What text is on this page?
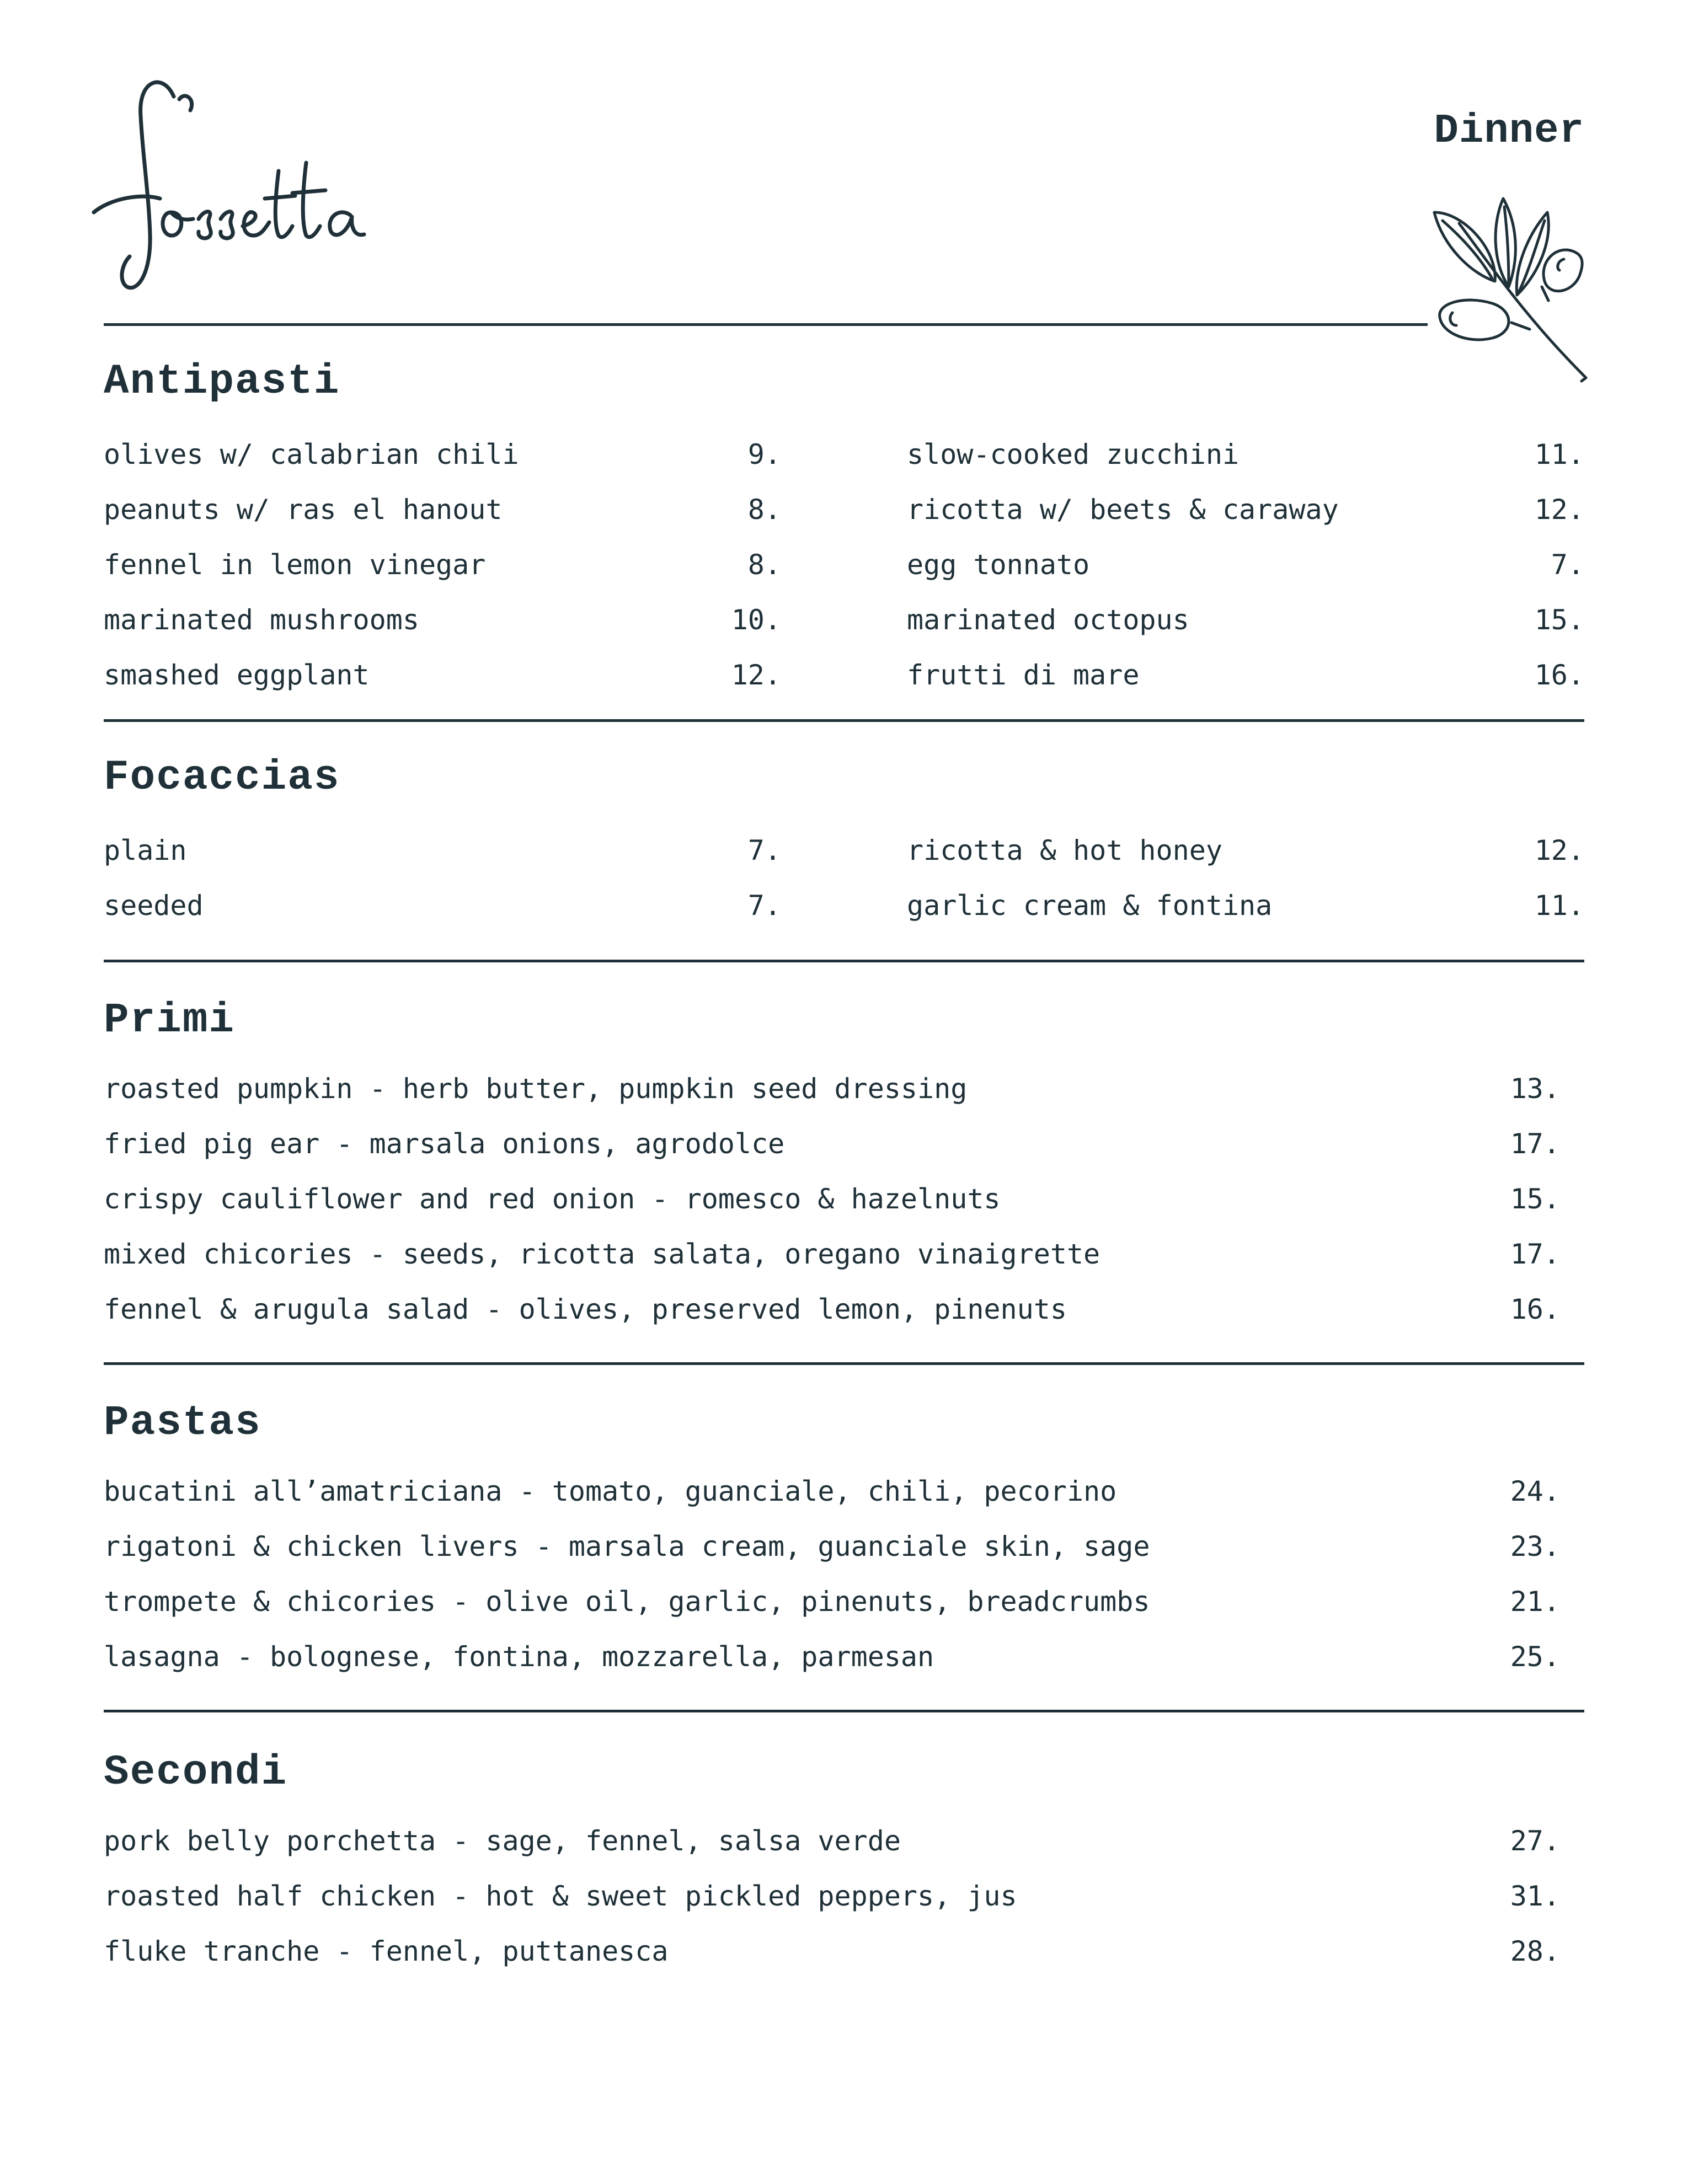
Dinner
Antipasti
olives w/ calabrian chili	9.
peanuts w/ ras el hanout	8.
fennel in lemon vinegar	8.
marinated mushrooms	10.
smashed eggplant	12.
slow-cooked zucchini	11.
ricotta w/ beets & caraway	12.
egg tonnato	7.
marinated octopus	15.
frutti di mare	16.
Focaccias
plain	7.
seeded	7.
ricotta & hot honey	12.
garlic cream & fontina	11.
Primi
roasted pumpkin - herb butter, pumpkin seed dressing	13.
fried pig ear - marsala onions, agrodolce	17.
crispy cauliflower and red onion - romesco & hazelnuts	15.
mixed chicories - seeds, ricotta salata, oregano vinaigrette	17.
fennel & arugula salad - olives, preserved lemon, pinenuts	16.
Pastas
bucatini all’amatriciana - tomato, guanciale, chili, pecorino	24.
rigatoni & chicken livers - marsala cream, guanciale skin, sage	23.
trompete & chicories - olive oil, garlic, pinenuts, breadcrumbs	21.
lasagna - bolognese, fontina, mozzarella, parmesan	25.
Secondi
pork belly porchetta - sage, fennel, salsa verde	27.
roasted half chicken - hot & sweet pickled peppers, jus	31.
fluke tranche - fennel, puttanesca	28.
